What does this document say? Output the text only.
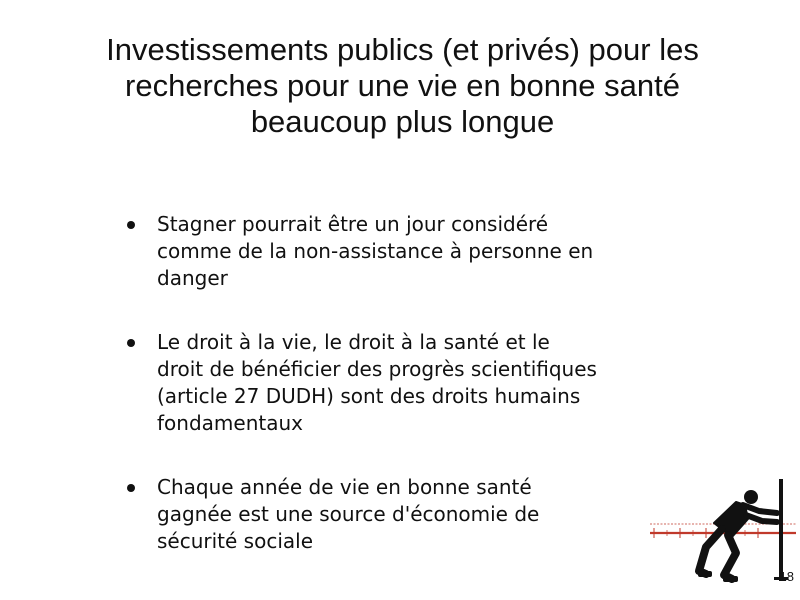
Investissements publics (et privés) pour les
recherches pour une vie en bonne santé
beaucoup plus longue
Stagner pourrait être un jour considéré
comme de la non-assistance à personne en
danger
Le droit à la vie, le droit à la santé et le
droit de bénéficier des progrès scientifiques
(article 27 DUDH) sont des droits humains
fondamentaux
Chaque année de vie en bonne santé
gagnée est une source d'économie de
sécurité sociale
18
